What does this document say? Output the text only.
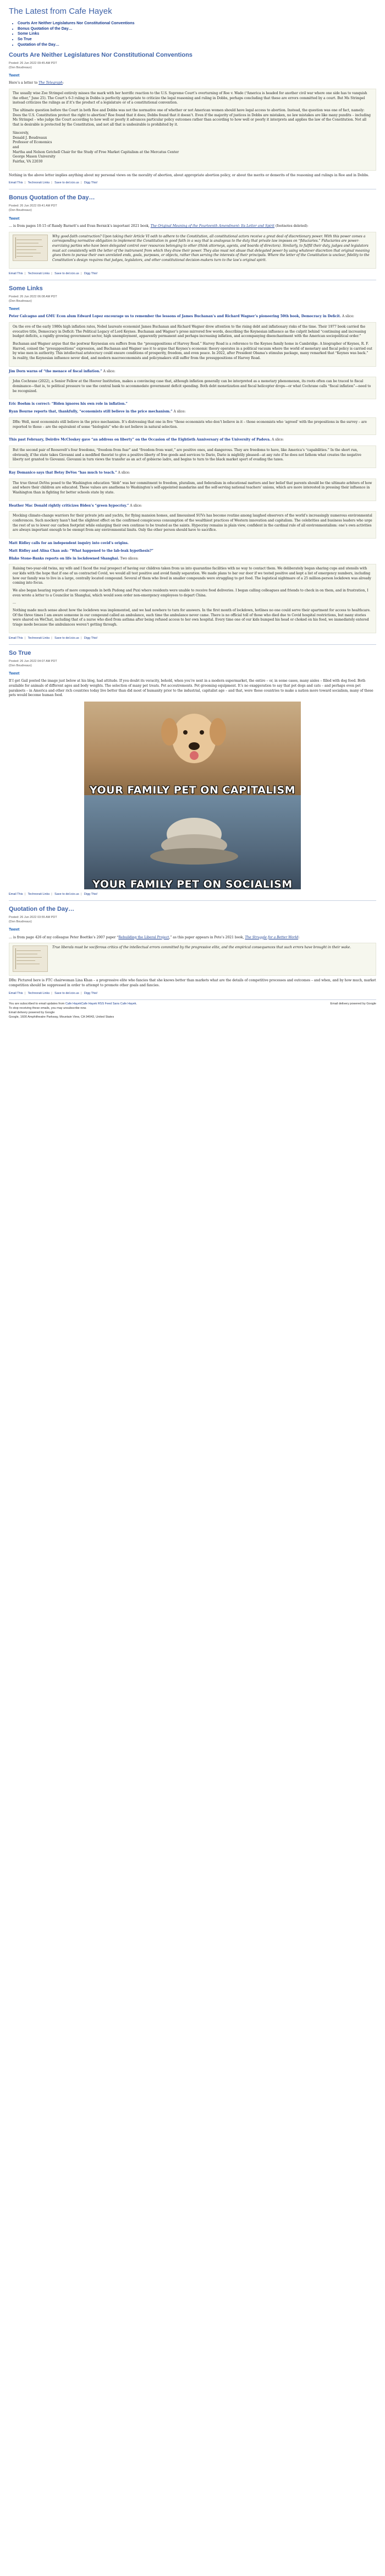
The Latest from Cafe Hayek
• Courts Are Neither Legislatures Nor Constitutional Conventions
• Bonus Quotation of the Day…
• Some Links
• So True
• Quotation of the Day…
Courts Are Neither Legislatures Nor Constitutional Conventions

Posted: 26 Jun 2022 09:45 AM PDT

(Don Boudreaux)

Tweet

Here’s a letter to The Telegraph:

The usually wise Zoe Strimpel entirely misses the mark with her horrific reaction to the U.S. Supreme Court’s overturning of Roe v. Wade (“America is headed for another civil war where one side has to vanquish the other,” June 25). The Court’s 6-3 ruling in Dobbs is perfectly appropriate to criticize the legal reasoning and ruling in Dobbs, perhaps concluding that these are errors committed by a court. But Ms Strimpel instead criticizes the rulings as if it’s the product of a legislature or of a constitutional convention.

The ultimate question before the Court in both Roe and Dobbs was not the normative one of whether or not American women should have legal access to abortion. Instead, the question was one of fact, namely: Does the U.S. Constitution protect the right to abortion? Roe found that it does; Dobbs found that it doesn’t. Even if the majority of justices in Dobbs are mistaken, no law mistakes are like many pundits – including Ms Strimpel – who judge the Court according to how well or poorly it advances particular policy outcomes rather than according to how well or poorly it interprets and applies the law of the Constitution. Not all that is desirable is protected by the Constitution, and not all that is undesirable is prohibited by it.

Sincerely,

Donald J. Boudreaux

Professor of Economics

and

Martha and Nelson Getchell Chair for the Study of Free Market Capitalism at the Mercatus Center

George Mason University

Fairfax, VA 22030

Nothing in the above letter implies anything about my personal views on the morality of abortion, about appropriate abortion policy, or about the merits or demerits of the reasoning and rulings in Roe and in Dobbs.

Email This | Technorati Links | Save to del.icio.us | Digg This!
Bonus Quotation of the Day…

Posted: 26 Jun 2022 09:41 AM PDT

(Don Boudreaux)

Tweet

… is from pages 10-15 of Randy Barnett’s and Evan Bernick’s important 2021 book, The Original Meaning of the Fourteenth Amendment: Its Letter and Spirit (footnotes deleted):

Why good-faith construction? Upon taking their Article VI oath to adhere to the Constitution, all constitutional actors receive a great deal of discretionary power. With this power comes a corresponding normative obligation to implement the Constitution in good faith in a way that is analogous to the duty that private law imposes on “fiduciaries.” Fiduciaries are power-exercising parties who have been delegated control over resources belonging to other (think attorneys, agents, and boards of directors). Similarly, to fulfill their duty, judges and legislators must act consistently with the letter of the instrument from which they draw their power. They also must not abuse that delegated power by using whatever discretion that original meaning gives them to pursue their own unrelated ends, goals, purposes, or objects, rather than serving the interests of their principals. Where the letter of the Constitution is unclear, fidelity to the Constitution’s design requires that judges, legislators, and other constitutional decision-makers turn to the law’s original spirit.

Email This | Technorati Links | Save to del.icio.us | Digg This!
Some Links

Posted: 26 Jun 2022 06:08 AM PDT

(Don Boudreaux)

Tweet

Peter Calcagno and GMU Econ alum Edward Lopez encourage us to remember the lessons of James Buchanan’s and Richard Wagner’s pioneering 50th book, Democracy in Deficit. A slice:

On the eve of the early 1980s high inflation rates, Nobel laureate economist James Buchanan and Richard Wagner drew attention to the rising debt and inflationary risks of the time. Their 1977 book carried the evocative title, Democracy in Deficit: The Political Legacy of Lord Keynes. Buchanan and Wagner’s prose mirrored few words, describing the Keynesian influence as the culprit behind “continuing and increasing budget deficits, a rapidly growing government sector, high unemployment, apparently permanent and perhaps increasing inflation, and accompanying disenchantment with the American sociopolitical order.”

Buchanan and Wagner argue that the postwar Keynesian era suffers from the “presuppositions of Harvey Road.” Harvey Road is a reference to the Keynes family home in Cambridge. A biographer of Keynes, R. F. Harrod, coined the “presuppositions” expression, and Buchanan and Wagner use it to argue that Keynes’s economic theory operates in a political vacuum where the world of monetary and fiscal policy is carried out by wise men in authority. This intellectual aristocracy could ensure conditions of prosperity, freedom, and even peace. In 2022, after President Obama’s stimulus package, many remarked that “Keynes was back.” In reality, the Keynesian influence never died, and modern macroeconomists and policymakers still suffer from the presuppositions of Harvey Road.

Jim Dorn warns of “the menace of fiscal inflation.” A slice:

John Cochrane (2022), a Senior Fellow at the Hoover Institution, makes a convincing case that, although inflation generally can be interpreted as a monetary phenomenon, its roots often can be traced to fiscal dominance—that is, to political pressure to use the central bank to accommodate government deficit spending. Both debt monetization and fiscal helicopter drops—or what Cochrane calls “fiscal inflation”—need to be recognized.

Eric Boehm is correct: “Biden ignores his own role in inflation.”

Ryan Bourne reports that, thankfully, “economists still believe in the price mechanism.” A slice:

DBx: Well, most economists still believe in the price mechanism. It’s distressing that one in five “those economists who don’t believe in it – those economists who ‘agreed’ with the propositions in the survey – are reported to those – are the equivalent of some “biologists” who do not believe in natural selection.

This past February, Deirdre McCloskey gave “an address on liberty” on the Occasion of the Eightieth Anniversary of the University of Padova. A slice:

But the second pair of Roosevelt’s four freedoms, “freedom from fear” and “freedom from want,” are positive ones, and dangerous. They are freedoms to have, like America’s “capabilities.” In the short run, obviously, if the state takes Giovanni and a modified theorist to give a positive liberty of free goods and services to Dario, Dario is mightily pleased—at any rate if he does not fathom what creates the negative liberty not granted to Giovanni. Giovanni in turn views the transfer as an act of gobierno ladro, and begins to turn to the black market sport of evading the taxes.

Ray Domanico says that Betsy DeVos “has much to teach.” A slice:

The true threat DeVos posed to the Washington education “blob” was her commitment to freedom, pluralism, and federalism in educational matters and her belief that parents should be the ultimate arbiters of how and where their children are educated. These values are anathema to Washington’s self-appointed mandarins and the self-serving national teachers’ unions, which are more interested in pressing their influence in Washington than in fighting for better schools state by state.

Heather Mac Donald rightly criticizes Biden’s “green hypocrisy.” A slice:

Mocking climate-change warriors for their private jets and yachts, for flying mansion homes, and limousined SUVs has become routine among laughed observers of the world’s increasingly numerous environmental conferences. Such mockery hasn’t had the slightest effect on the confirmed conspicuous consumption of the wealthiest practices of Western innovation and capitalism. The celebrities and business leaders who urge the rest of us to lower our carbon footprint while enlarging their own continue to be treated as the saints. Hypocrisy remains in plain view, confident in the cardinal rule of all environmentalism: one’s own activities are always important enough to be exempt from any environmental limits. Only the other person should have to sacrifice.

Matt Ridley calls for an independent inquiry into covid’s origins.

Matt Ridley and Alina Chan ask: “What happened to the lab-leak hypothesis?”

Blake Stone-Banks reports on life in lockdowned Shanghai. Two slices:

Raising two-year-old twins, my wife and I faced the real prospect of having our children taken from us into quarantine facilities with no way to contact them. We deliberately began sharing cups and utensils with our kids with the hope that if one of us contracted Covid, we would all test positive and avoid family separation. We made plans to bar our door if we tested positive and kept a list of emergency numbers, including how our family was to live in a large, centrally located compound. Several of them who lived in smaller compounds were struggling to get food. The logistical nightmare of a 25 million-person lockdown was already coming into focus.

We also began hearing reports of more compounds in both Pudong and Puxi where residents were unable to receive food deliveries. I began calling colleagues and friends to check in on them, and in frustration, I even wrote a letter to a Councilor in Shanghai, which would soon order non-emergency employees to depart China.

…

Nothing made much sense about how the lockdown was implemented, and we had nowhere to turn for answers. In the first month of lockdown, hotlines no one could serve their apartment for access to healthcare. Of the three times I am aware someone in our compound called an ambulance, each time the ambulance never came. There is no official toll of those who died due to Covid hospital restrictions, but many stories were shared on WeChat, including that of a nurse who died from asthma after being refused access to her own hospital. Every time one of our kids bumped his head or choked on his food, we immediately entered triage mode because the ambulances weren’t getting through.

Email This | Technorati Links | Save to del.icio.us | Digg This!
So True

Posted: 26 Jun 2022 04:07 AM PDT

(Don Boudreaux)

Tweet

If I get Gail posted the image just below at his blog, had attitude. If you doubt its veracity, behold, when you’re next in a modern supermarket, the entire – or, in some cases, many aisles – filled with dog food. Both available for animals of different ages and body weights. The selection of many pet treats. Pet accoutrements. Pet grooming equipment. It’s no exaggeration to say that pet dogs and cats – and perhaps even pet parakeets – in America and other rich countries today live better than did most of humanity prior to the industrial, capitalist age – and that, were these countries to make a nation more toward socialism, many of these pets would become human food.

YOUR FAMILY PET ON CAPITALISM
YOUR FAMILY PET ON SOCIALISM
Email This | Technorati Links | Save to del.icio.us | Digg This!
Quotation of the Day…

Posted: 26 Jun 2022 03:55 AM PDT

(Don Boudreaux)

Tweet

… is from page 426 of my colleague Peter Boettke’s 2007 paper “Rebuilding the Liberal Project,” as this paper appears in Pete’s 2021 book, The Struggle for a Better World:

True liberals must be vociferous critics of the intellectual errors committed by the progressive elite, and the empirical consequences that such errors have brought in their wake.

DBx: Pictured here is FTC chairwoman Lina Khan – a progressive elite who fancies that she knows better than markets what are the details of competitive processes and outcomes – and when, and by how much, market competition should be suppressed in order to attempt to promote other goals and fancies.

Email This | Technorati Links | Save to del.icio.us | Digg This!
You are subscribed to email updates from Cafe HayekCafe Hayek RSS Feed Sans Cafe Hayek.
To stop receiving these emails, you may unsubscribe now.
Email delivery powered by Google
Google, 1600 Amphitheatre Parkway, Mountain View, CA 94043, United States
Email delivery powered by Google
